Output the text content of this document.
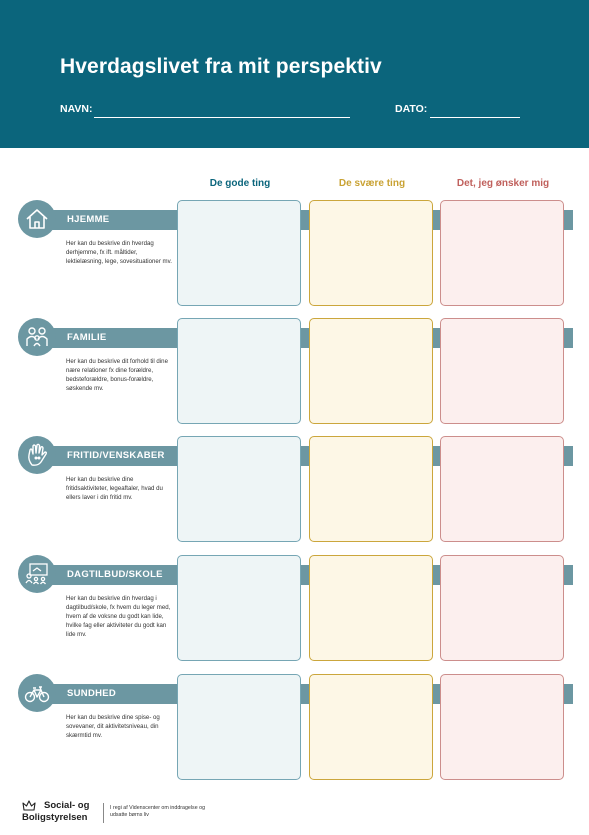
Hverdagslivet fra mit perspektiv
NAVN:	DATO:
De gode ting	De svære ting	Det, jeg ønsker mig
HJEMME
Her kan du beskrive din hverdag derhjemme, fx ift. måltider, lektielæsning, lege, sovesituationer mv.
FAMILIE
Her kan du beskrive dit forhold til dine nære relationer fx dine forældre, bedsteforældre, bonus-forældre, søskende mv.
FRITID/VENSKABER
Her kan du beskrive dine fritidsaktiviteter, legeaftaler, hvad du ellers laver i din fritid mv.
DAGTILBUD/SKOLE
Her kan du beskrive din hverdag i dagtilbud/skole, fx hvem du leger med, hvem af de voksne du godt kan lide, hvilke fag eller aktiviteter du godt kan lide mv.
SUNDHED
Her kan du beskrive dine spise- og sovevaner, dit aktivitetsniveau, din skærmtid mv.
Social- og
Boligstyrelsen
I regi af Videnscenter om inddragelse og udsatte børns liv
